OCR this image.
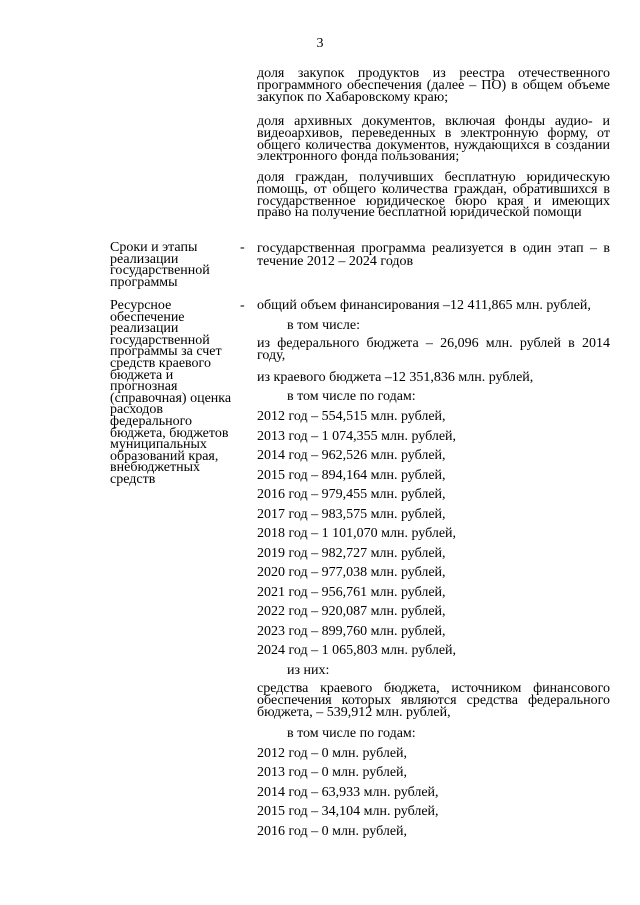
3
доля закупок продуктов из реестра отечественного программного обеспечения (далее – ПО) в общем объеме закупок по Хабаровскому краю;
доля архивных документов, включая фонды аудио- и видеоархивов, переведенных в электронную форму, от общего количества документов, нуждающихся в создании электронного фонда пользования;
доля граждан, получивших бесплатную юридическую помощь, от общего количества граждан, обратившихся в государственное юридическое бюро края и имеющих право на получение бесплатной юридической помощи
Сроки и этапы реализации государственной программы
- государственная программа реализуется в один этап – в течение 2012 – 2024 годов
Ресурсное обеспечение реализации государственной программы за счет средств краевого бюджета и прогнозная (справочная) оценка расходов федерального бюджета, бюджетов муниципальных образований края, внебюджетных средств
- общий объем финансирования –12 411,865 млн. рублей,
в том числе:
из федерального бюджета – 26,096 млн. рублей в 2014 году,
из краевого бюджета –12 351,836 млн. рублей,
в том числе по годам:
2012 год – 554,515 млн. рублей,
2013 год – 1 074,355 млн. рублей,
2014 год – 962,526 млн. рублей,
2015 год – 894,164 млн. рублей,
2016 год – 979,455 млн. рублей,
2017 год – 983,575 млн. рублей,
2018 год – 1 101,070 млн. рублей,
2019 год – 982,727 млн. рублей,
2020 год – 977,038 млн. рублей,
2021 год – 956,761 млн. рублей,
2022 год – 920,087 млн. рублей,
2023 год – 899,760 млн. рублей,
2024 год – 1 065,803 млн. рублей,
из них:
средства краевого бюджета, источником финансового обеспечения которых являются средства федерального бюджета, – 539,912 млн. рублей,
в том числе по годам:
2012 год – 0 млн. рублей,
2013 год – 0 млн. рублей,
2014 год – 63,933 млн. рублей,
2015 год – 34,104 млн. рублей,
2016 год – 0 млн. рублей,
